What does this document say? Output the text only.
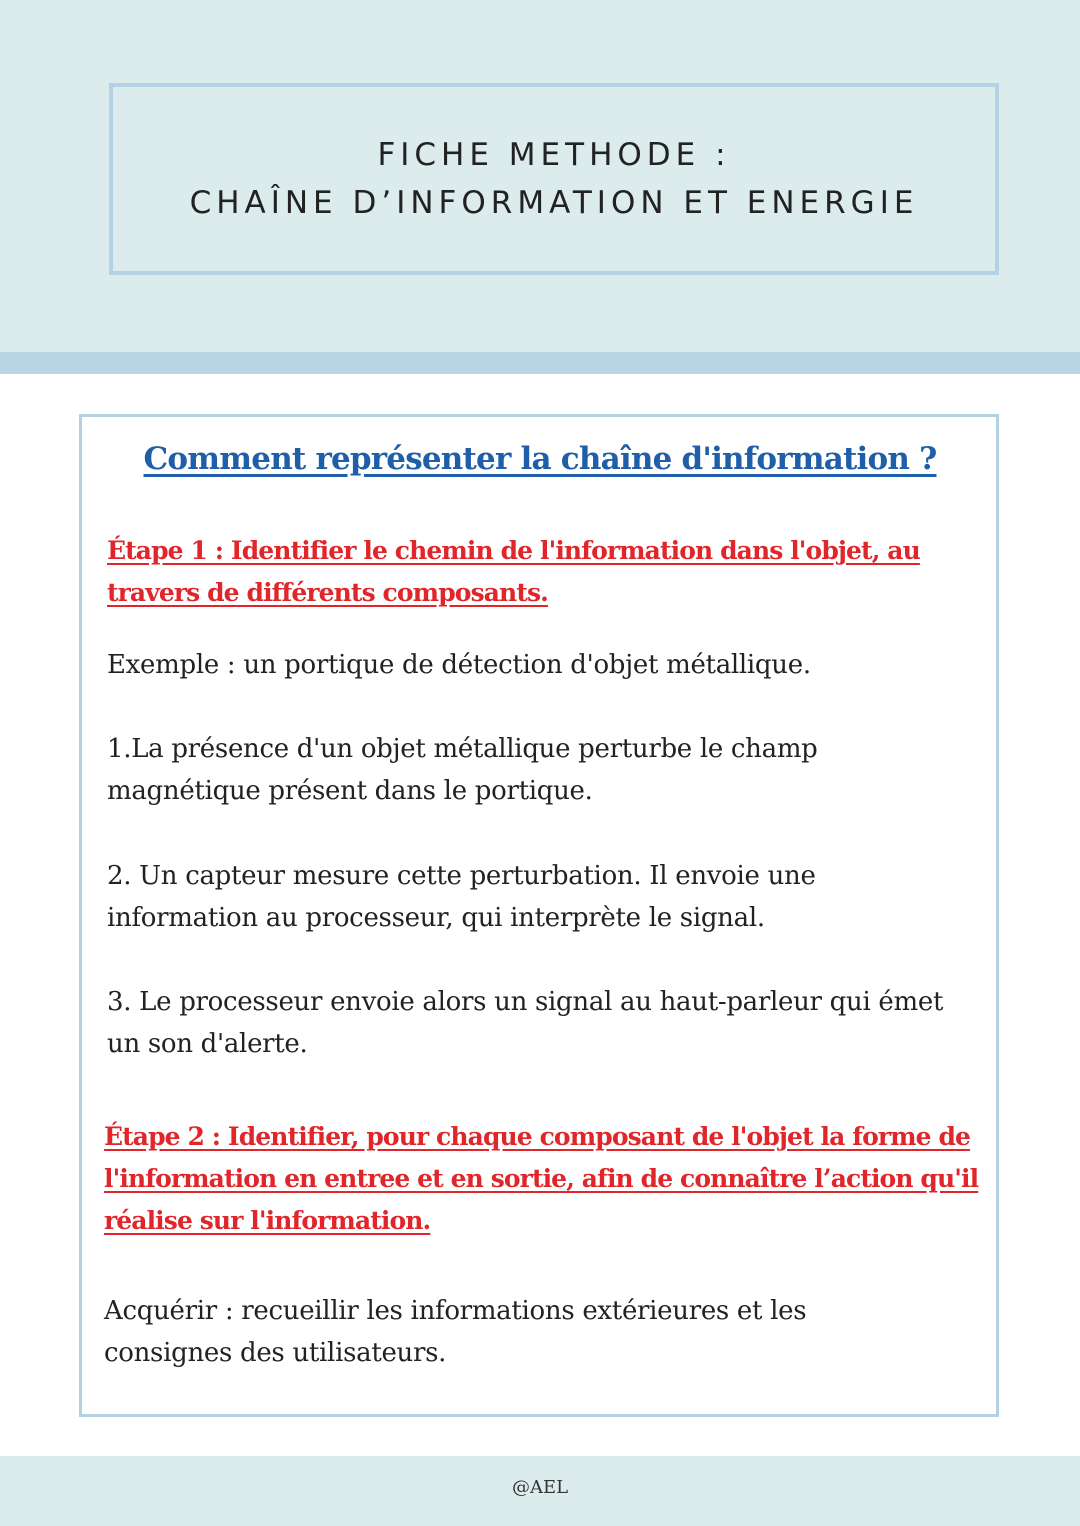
FICHE METHODE :
CHAÎNE D’INFORMATION ET ENERGIE
Comment représenter la chaîne d'information ?

Étape 1 : Identifier le chemin de l'information dans l'objet, au travers de différents composants.

Exemple : un portique de détection d'objet métallique.

1.La présence d'un objet métallique perturbe le champ magnétique présent dans le portique.

2. Un capteur mesure cette perturbation. Il envoie une information au processeur, qui interprète le signal.

3. Le processeur envoie alors un signal au haut-parleur qui émet un son d'alerte.

Étape 2 : Identifier, pour chaque composant de l'objet la forme de l'information en entree et en sortie, afin de connaître l’action qu'il réalise sur l'information.

Acquérir : recueillir les informations extérieures et les consignes des utilisateurs.

@AEL
